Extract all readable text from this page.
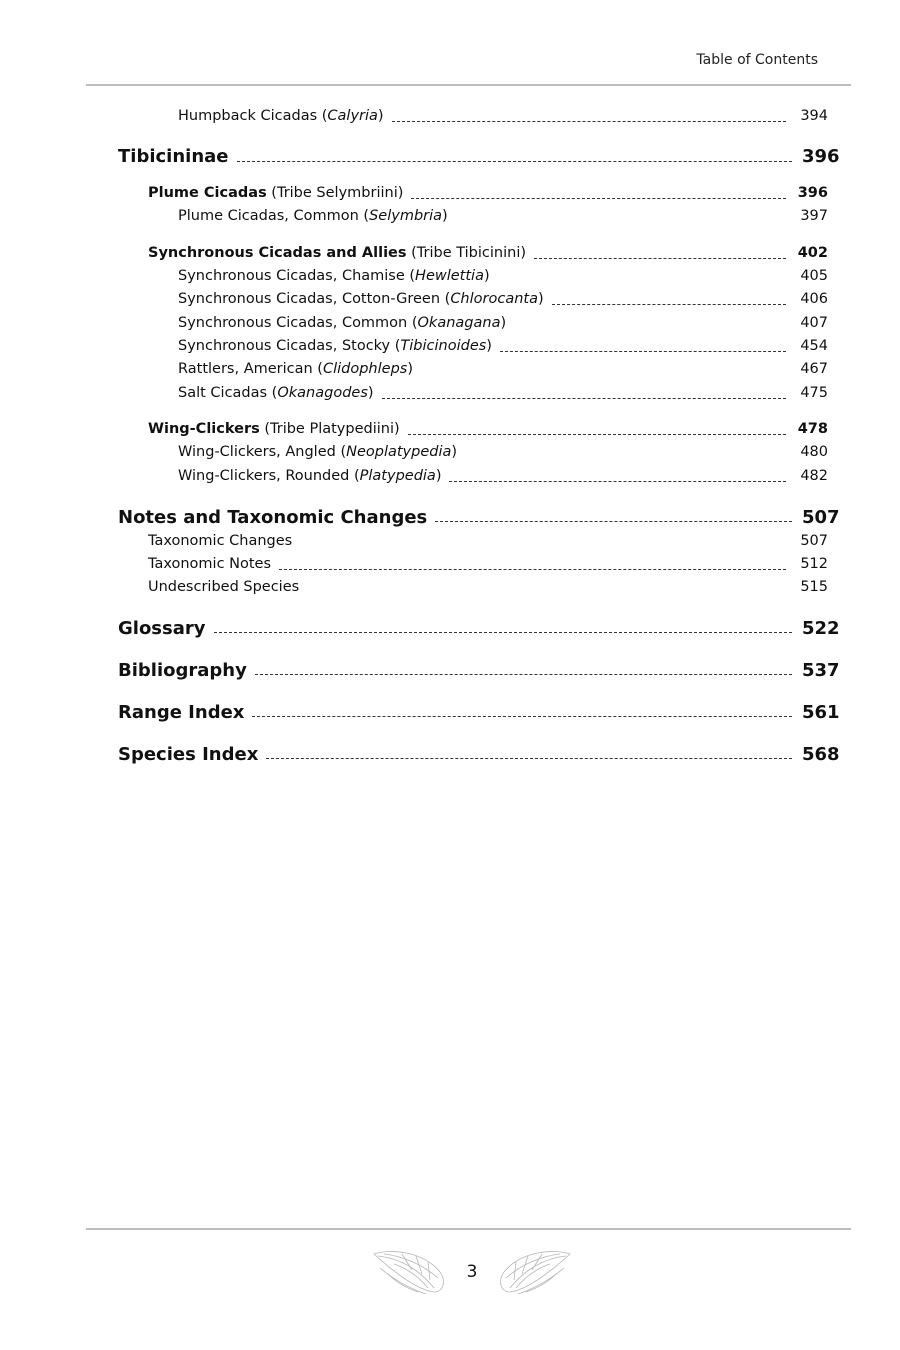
Table of Contents
Humpback Cicadas (Calyria)	394
Tibicininae	396
Plume Cicadas (Tribe Selymbriini)	396
Plume Cicadas, Common (Selymbria)	397
Synchronous Cicadas and Allies (Tribe Tibicinini)	402
Synchronous Cicadas, Chamise (Hewlettia)	405
Synchronous Cicadas, Cotton-Green (Chlorocanta)	406
Synchronous Cicadas, Common (Okanagana)	407
Synchronous Cicadas, Stocky (Tibicinoides)	454
Rattlers, American (Clidophleps)	467
Salt Cicadas (Okanagodes)	475
Wing-Clickers (Tribe Platypediini)	478
Wing-Clickers, Angled (Neoplatypedia)	480
Wing-Clickers, Rounded (Platypedia)	482
Notes and Taxonomic Changes	507
Taxonomic Changes	507
Taxonomic Notes	512
Undescribed Species	515
Glossary	522
Bibliography	537
Range Index	561
Species Index	568
3
